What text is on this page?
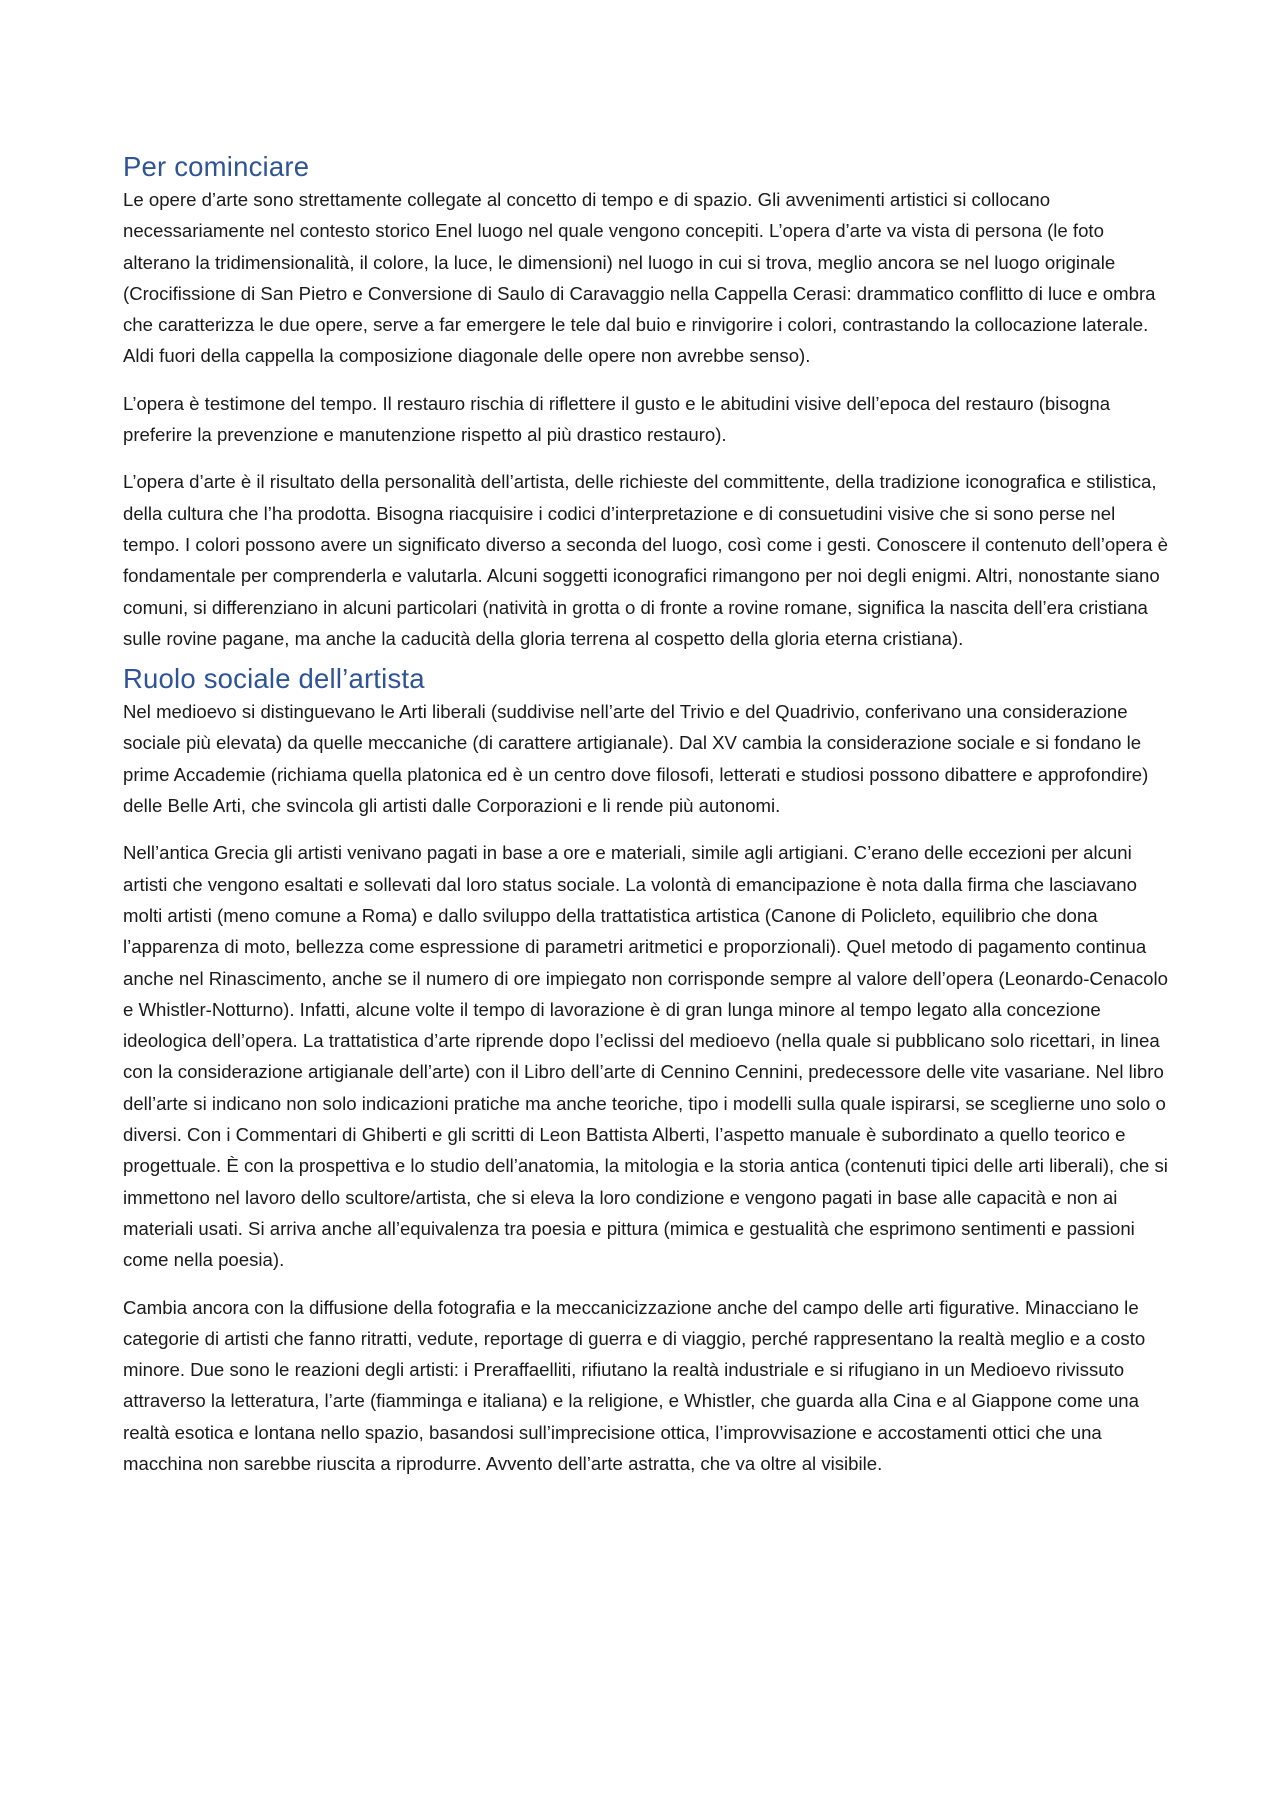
Per cominciare

Le opere d’arte sono strettamente collegate al concetto di tempo e di spazio. Gli avvenimenti artistici si collocano necessariamente nel contesto storico Enel luogo nel quale vengono concepiti. L’opera d’arte va vista di persona (le foto alterano la tridimensionalità, il colore, la luce, le dimensioni) nel luogo in cui si trova, meglio ancora se nel luogo originale (Crocifissione di San Pietro e Conversione di Saulo di Caravaggio nella Cappella Cerasi: drammatico conflitto di luce e ombra che caratterizza le due opere, serve a far emergere le tele dal buio e rinvigorire i colori, contrastando la collocazione laterale. Aldi fuori della cappella la composizione diagonale delle opere non avrebbe senso).

L’opera è testimone del tempo. Il restauro rischia di riflettere il gusto e le abitudini visive dell’epoca del restauro (bisogna preferire la prevenzione e manutenzione rispetto al più drastico restauro).

L’opera d’arte è il risultato della personalità dell’artista, delle richieste del committente, della tradizione iconografica e stilistica, della cultura che l’ha prodotta. Bisogna riacquisire i codici d’interpretazione e di consuetudini visive che si sono perse nel tempo. I colori possono avere un significato diverso a seconda del luogo, così come i gesti. Conoscere il contenuto dell’opera è fondamentale per comprenderla e valutarla. Alcuni soggetti iconografici rimangono per noi degli enigmi. Altri, nonostante siano comuni, si differenziano in alcuni particolari (natività in grotta o di fronte a rovine romane, significa la nascita dell’era cristiana sulle rovine pagane, ma anche la caducità della gloria terrena al cospetto della gloria eterna cristiana).

Ruolo sociale dell’artista

Nel medioevo si distinguevano le Arti liberali (suddivise nell’arte del Trivio e del Quadrivio, conferivano una considerazione sociale più elevata) da quelle meccaniche (di carattere artigianale). Dal XV cambia la considerazione sociale e si fondano le prime Accademie (richiama quella platonica ed è un centro dove filosofi, letterati e studiosi possono dibattere e approfondire) delle Belle Arti, che svincola gli artisti dalle Corporazioni e li rende più autonomi.

Nell’antica Grecia gli artisti venivano pagati in base a ore e materiali, simile agli artigiani. C’erano delle eccezioni per alcuni artisti che vengono esaltati e sollevati dal loro status sociale. La volontà di emancipazione è nota dalla firma che lasciavano molti artisti (meno comune a Roma) e dallo sviluppo della trattatistica artistica (Canone di Policleto, equilibrio che dona l’apparenza di moto, bellezza come espressione di parametri aritmetici e proporzionali). Quel metodo di pagamento continua anche nel Rinascimento, anche se il numero di ore impiegato non corrisponde sempre al valore dell’opera (Leonardo-Cenacolo e Whistler-Notturno). Infatti, alcune volte il tempo di lavorazione è di gran lunga minore al tempo legato alla concezione ideologica dell’opera. La trattatistica d’arte riprende dopo l’eclissi del medioevo (nella quale si pubblicano solo ricettari, in linea con la considerazione artigianale dell’arte) con il Libro dell’arte di Cennino Cennini, predecessore delle vite vasariane. Nel libro dell’arte si indicano non solo indicazioni pratiche ma anche teoriche, tipo i modelli sulla quale ispirarsi, se sceglierne uno solo o diversi. Con i Commentari di Ghiberti e gli scritti di Leon Battista Alberti, l’aspetto manuale è subordinato a quello teorico e progettuale. È con la prospettiva e lo studio dell’anatomia, la mitologia e la storia antica (contenuti tipici delle arti liberali), che si immettono nel lavoro dello scultore/artista, che si eleva la loro condizione e vengono pagati in base alle capacità e non ai materiali usati. Si arriva anche all’equivalenza tra poesia e pittura (mimica e gestualità che esprimono sentimenti e passioni come nella poesia).

Cambia ancora con la diffusione della fotografia e la meccanicizzazione anche del campo delle arti figurative. Minacciano le categorie di artisti che fanno ritratti, vedute, reportage di guerra e di viaggio, perché rappresentano la realtà meglio e a costo minore. Due sono le reazioni degli artisti: i Preraffaelliti, rifiutano la realtà industriale e si rifugiano in un Medioevo rivissuto attraverso la letteratura, l’arte (fiamminga e italiana) e la religione, e Whistler, che guarda alla Cina e al Giappone come una realtà esotica e lontana nello spazio, basandosi sull’imprecisione ottica, l’improvvisazione e accostamenti ottici che una macchina non sarebbe riuscita a riprodurre. Avvento dell’arte astratta, che va oltre al visibile.
